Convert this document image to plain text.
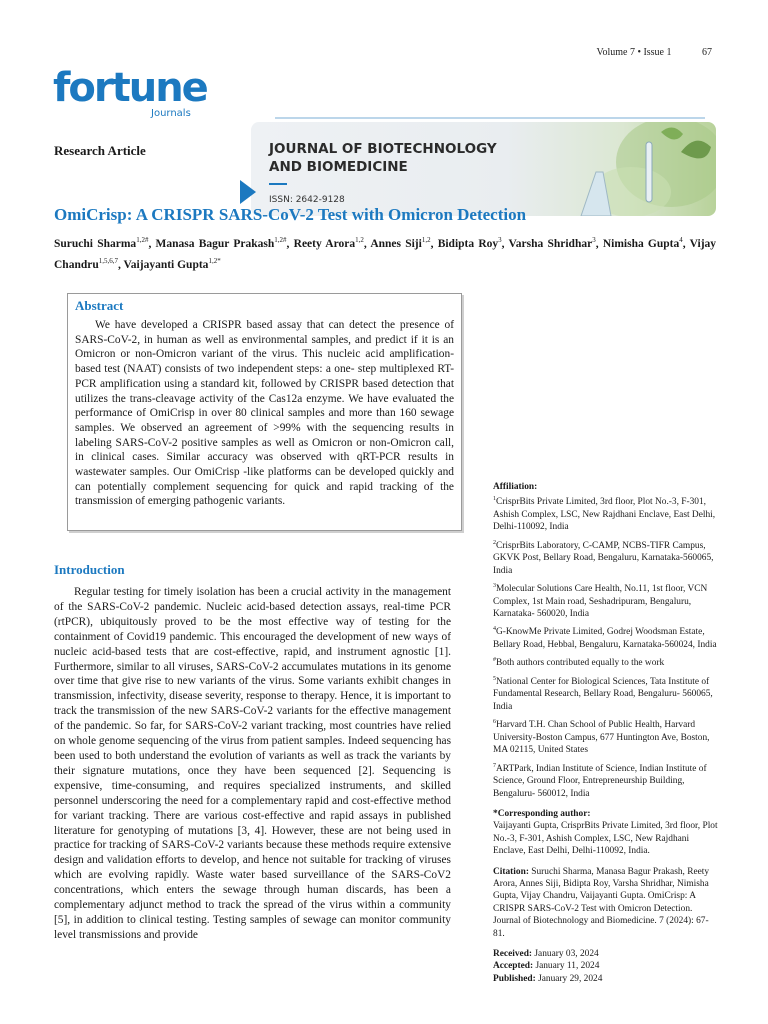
Volume 7 • Issue 1	67
fortune
Journals
Research Article	JOURNAL OF BIOTECHNOLOGY
AND BIOMEDICINE
ISSN: 2642-9128
OmiCrisp: A CRISPR SARS-CoV-2 Test with Omicron Detection
Suruchi Sharma$^{1,2\#}$, Manasa Bagur Prakash$^{1,2\#}$, Reety Arora$^{1,2}$, Annes Siji$^{1,2}$, Bidipta Roy$^3$, Varsha Shridhar$^3$, Nimisha Gupta$^4$, Vijay Chandru$^{1,5,6,7}$, Vaijayanti Gupta$^{1,2*}$
Abstract
We have developed a CRISPR based assay that can detect the presence of SARS-CoV-2, in human as well as environmental samples, and predict if it is an Omicron or non-Omicron variant of the virus. This nucleic acid amplification-based test (NAAT) consists of two independent steps: a one- step multiplexed RT-PCR amplification using a standard kit, followed by CRISPR based detection that utilizes the trans-cleavage activity of the Cas12a enzyme. We have evaluated the performance of OmiCrisp in over 80 clinical samples and more than 160 sewage samples. We observed an agreement of >99% with the sequencing results in labeling SARS-CoV-2 positive samples as well as Omicron or non-Omicron call, in clinical cases. Similar accuracy was observed with qRT-PCR results in wastewater samples. Our OmiCrisp -like platforms can be developed quickly and can potentially complement sequencing for quick and rapid tracking of the transmission of emerging pathogenic variants.
Introduction
Regular testing for timely isolation has been a crucial activity in the management of the SARS-CoV-2 pandemic. Nucleic acid-based detection assays, real-time PCR (rtPCR), ubiquitously proved to be the most effective way of testing for the containment of Covid19 pandemic. This encouraged the development of new ways of nucleic acid-based tests that are cost-effective, rapid, and instrument agnostic [1]. Furthermore, similar to all viruses, SARS-CoV-2 accumulates mutations in its genome over time that give rise to new variants of the virus. Some variants exhibit changes in transmission, infectivity, disease severity, response to therapy. Hence, it is important to track the transmission of the new SARS-CoV-2 variants for the effective management of the pandemic. So far, for SARS-CoV-2 variant tracking, most countries have relied on whole genome sequencing of the virus from patient samples. Indeed sequencing has been used to both understand the evolution of variants as well as track the variants by their signature mutations, once they have been sequenced [2]. Sequencing is expensive, time-consuming, and requires specialized instruments, and skilled personnel underscoring the need for a complementary rapid and cost-effective method for variant tracking. There are various cost-effective and rapid assays in published literature for genotyping of mutations [3, 4]. However, these are not being used in practice for tracking of SARS-CoV-2 variants because these methods require extensive design and validation efforts to develop, and hence not suitable for tracking of viruses which are evolving rapidly. Waste water based surveillance of the SARS-CoV2 concentrations, which enters the sewage through human discards, has been a complementary adjunct method to track the spread of the virus within a community [5], in addition to clinical testing. Testing samples of sewage can monitor community level transmissions and provide
Affiliation:
$^1$CrisprBits Private Limited, 3rd floor, Plot No.-3, F-301, Ashish Complex, LSC, New Rajdhani Enclave, East Delhi, Delhi-110092, India
$^2$CrisprBits Laboratory, C-CAMP, NCBS-TIFR Campus, GKVK Post, Bellary Road, Bengaluru, Karnataka-560065, India
$^3$Molecular Solutions Care Health, No.11, 1st floor, VCN Complex, 1st Main road, Seshadripuram, Bengaluru, Karnataka- 560020, India
$^4$G-KnowMe Private Limited, Godrej Woodsman Estate, Bellary Road, Hebbal, Bengaluru, Karnataka-560024, India
#Both authors contributed equally to the work
$^5$National Center for Biological Sciences, Tata Institute of Fundamental Research, Bellary Road, Bengaluru- 560065, India
$^6$Harvard T.H. Chan School of Public Health, Harvard University-Boston Campus, 677 Huntington Ave, Boston, MA 02115, United States
$^7$ARTPark, Indian Institute of Science, Indian Institute of Science, Ground Floor, Entrepreneurship Building, Bengaluru- 560012, India
*Corresponding author:
Vaijayanti Gupta, CrisprBits Private Limited, 3rd floor, Plot No.-3, F-301, Ashish Complex, LSC, New Rajdhani Enclave, East Delhi, Delhi-110092, India.
Citation: Suruchi Sharma, Manasa Bagur Prakash, Reety Arora, Annes Siji, Bidipta Roy, Varsha Shridhar, Nimisha Gupta, Vijay Chandru, Vaijayanti Gupta. OmiCrisp: A CRISPR SARS-CoV-2 Test with Omicron Detection. Journal of Biotechnology and Biomedicine. 7 (2024): 67-81.
Received: January 03, 2024
Accepted: January 11, 2024
Published: January 29, 2024
